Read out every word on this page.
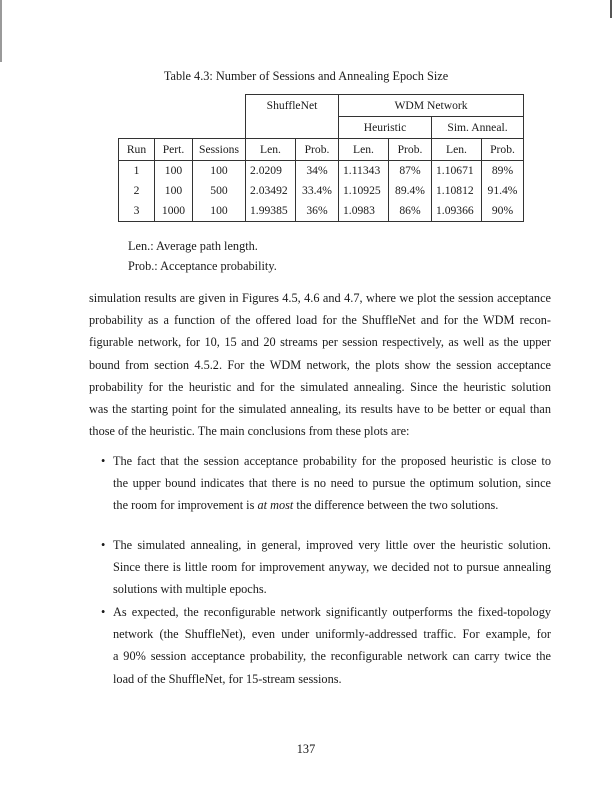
Table 4.3: Number of Sessions and Annealing Epoch Size
			ShuffleNet		WDM Network			
					Heuristic		Sim. Anneal.	
Run	Pert.	Sessions	Len.	Prob.	Len.	Prob.	Len.	Prob.
1	100	100	2.0209	34%	1.11343	87%	1.10671	89%
2	100	500	2.03492	33.4%	1.10925	89.4%	1.10812	91.4%
3	1000	100	1.99385	36%	1.0983	86%	1.09366	90%
Len.: Average path length.
Prob.: Acceptance probability.
simulation results are given in Figures 4.5, 4.6 and 4.7, where we plot the session acceptance
probability as a function of the offered load for the ShuffleNet and for the WDM recon-
figurable network, for 10, 15 and 20 streams per session respectively, as well as the upper
bound from section 4.5.2. For the WDM network, the plots show the session acceptance
probability for the heuristic and for the simulated annealing. Since the heuristic solution
was the starting point for the simulated annealing, its results have to be better or equal than
those of the heuristic. The main conclusions from these plots are:
• The fact that the session acceptance probability for the proposed heuristic is close to
the upper bound indicates that there is no need to pursue the optimum solution, since
the room for improvement is at most the difference between the two solutions.
• The simulated annealing, in general, improved very little over the heuristic solution.
Since there is little room for improvement anyway, we decided not to pursue annealing
solutions with multiple epochs.
• As expected, the reconfigurable network significantly outperforms the fixed-topology
network (the ShuffleNet), even under uniformly-addressed traffic. For example, for
a 90% session acceptance probability, the reconfigurable network can carry twice the
load of the ShuffleNet, for 15-stream sessions.
137
